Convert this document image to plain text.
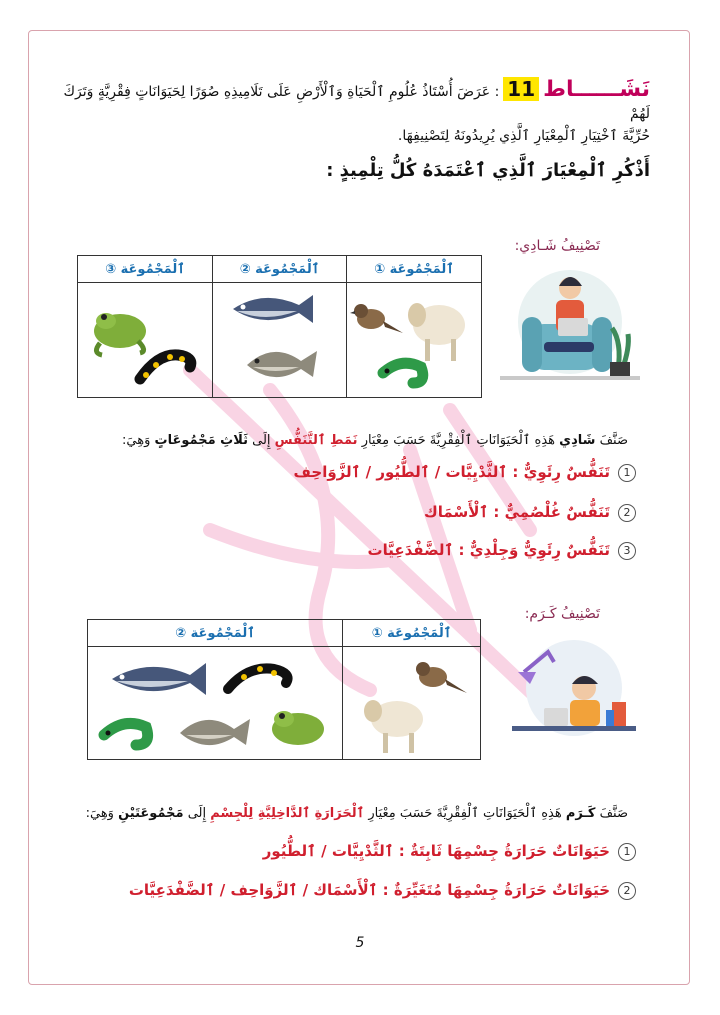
نَشَــــــاط11: عَرَضَ أُسْتَاذُ عُلُومِ ٱلْحَيَاةِ وَٱلْأَرْضِ عَلَى تَلَامِيذِهِ صُوَرًا لِحَيَوَانَاتٍ فِقْرِيَّةٍ وَتَرَكَ لَهُمْ
حُرِّيَّةَ ٱخْتِيَارِ ٱلْمِعْيَارِ ٱلَّذِي يُرِيدُونَهُ لِتَصْنِيفِهَا.
أَذْكُرِ ٱلْمِعْيَارَ ٱلَّذِي ٱعْتَمَدَهُ كُلُّ تِلْمِيذٍ :
تَصْنِيفُ شَـادِي:
ٱلْمَجْمُوعَة ③	ٱلْمَجْمُوعَة ②	ٱلْمَجْمُوعَة ①

صَنَّفَ شَادِي هَذِهِ ٱلْحَيَوَانَاتِ ٱلْفِقْرِيَّةَ حَسَبَ مِعْيَارِ نَمَطِ ٱلتَّنَفُّسِ إِلَى ثَلَاثِ مَجْمُوعَاتٍ وَهِيَ:
1تَنَفُّسٌ رِئَوِيٌّ : ٱلثَّدْيِيَّات / ٱلطُّيُور / ٱلزَّوَاحِف
2تَنَفُّسٌ غُلْصُمِيٌّ : ٱلْأَسْمَاك
3تَنَفُّسٌ رِئَوِيٌّ وَجِلْدِيٌّ : ٱلضَّفْدَعِيَّات
تَصْنِيفُ كَـرَم:
ٱلْمَجْمُوعَة ②	ٱلْمَجْمُوعَة ①

صَنَّفَ كَـرَم هَذِهِ ٱلْحَيَوَانَاتِ ٱلْفِقْرِيَّةَ حَسَبَ مِعْيَارِ ٱلْحَرَارَةِ ٱلدَّاخِلِيَّةِ لِلْجِسْمِ إِلَى مَجْمُوعَتَيْنِ وَهِيَ:
1حَيَوَانَاتٌ حَرَارَةُ جِسْمِهَا ثَابِتَةٌ : ٱلثَّدْيِيَّات / ٱلطُّيُور
2حَيَوَانَاتٌ حَرَارَةُ جِسْمِهَا مُتَغَيِّرَةٌ : ٱلْأَسْمَاك / ٱلزَّوَاحِف / ٱلضَّفْدَعِيَّات
5
